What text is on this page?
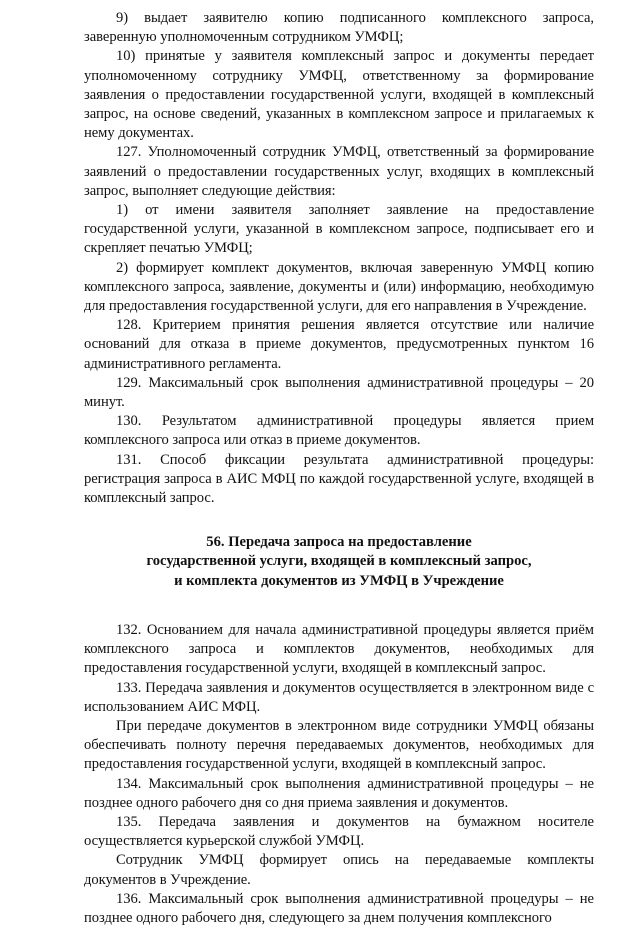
9) выдает заявителю копию подписанного комплексного запроса, заверенную уполномоченным сотрудником УМФЦ;

10) принятые у заявителя комплексный запрос и документы передает уполномоченному сотруднику УМФЦ, ответственному за формирование заявления о предоставлении государственной услуги, входящей в комплексный запрос, на основе сведений, указанных в комплексном запросе и прилагаемых к нему документах.

127. Уполномоченный сотрудник УМФЦ, ответственный за формирование заявлений о предоставлении государственных услуг, входящих в комплексный запрос, выполняет следующие действия:

1) от имени заявителя заполняет заявление на предоставление государственной услуги, указанной в комплексном запросе, подписывает его и скрепляет печатью УМФЦ;

2) формирует комплект документов, включая заверенную УМФЦ копию комплексного запроса, заявление, документы и (или) информацию, необходимую для предоставления государственной услуги, для его направления в Учреждение.

128. Критерием принятия решения является отсутствие или наличие оснований для отказа в приеме документов, предусмотренных пунктом 16 административного регламента.

129. Максимальный срок выполнения административной процедуры – 20 минут.

130. Результатом административной процедуры является прием комплексного запроса или отказ в приеме документов.

131. Способ фиксации результата административной процедуры: регистрация запроса в АИС МФЦ по каждой государственной услуге, входящей в комплексный запрос.

56. Передача запроса на предоставление
государственной услуги, входящей в комплексный запрос,
и комплекта документов из УМФЦ в Учреждение

132. Основанием для начала административной процедуры является приём комплексного запроса и комплектов документов, необходимых для предоставления государственной услуги, входящей в комплексный запрос.

133. Передача заявления и документов осуществляется в электронном виде с использованием АИС МФЦ.

При передаче документов в электронном виде сотрудники УМФЦ обязаны обеспечивать полноту перечня передаваемых документов, необходимых для предоставления государственной услуги, входящей в комплексный запрос.

134. Максимальный срок выполнения административной процедуры – не позднее одного рабочего дня со дня приема заявления и документов.

135. Передача заявления и документов на бумажном носителе осуществляется курьерской службой УМФЦ.

Сотрудник УМФЦ формирует опись на передаваемые комплекты документов в Учреждение.

136. Максимальный срок выполнения административной процедуры – не позднее одного рабочего дня, следующего за днем получения комплексного
